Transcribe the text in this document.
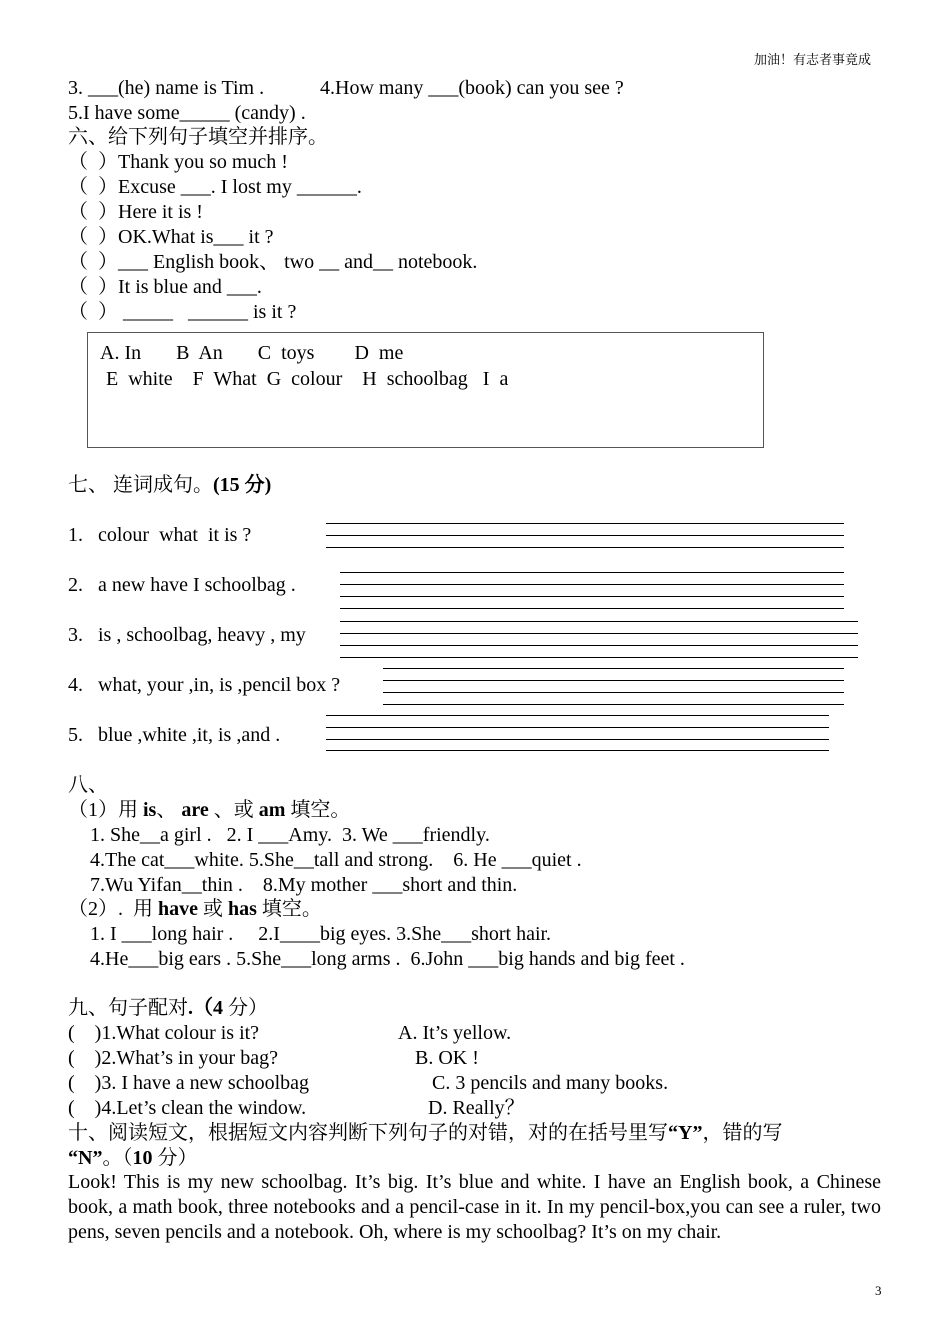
加油！有志者事竟成
3. ___(he) name is Tim .	4.How many ___(book) can you see ?
5.I have some_____ (candy) .
六、给下列句子填空并排序。
（  ）Thank you so much !
（  ）Excuse ___. I lost my ______.
（  ）Here it is !
（  ）OK.What is___ it ?
（  ）___ English book、 two __ and__ notebook.
（  ）It is blue and ___.
（  ） _____   ______ is it ?
A. In       B  An       C  toys        D  me
E  white    F  What  G  colour    H  schoolbag   I  a
七、 连词成句。(15 分)
1.   colour  what  it is ?
2.   a new have I schoolbag .
3.   is , schoolbag, heavy , my
4.   what, your ,in, is ,pencil box ?
5.   blue ,white ,it, is ,and .
八、
（1）用 is、 are 、或 am 填空。
1. She__a girl .   2. I ___Amy.  3. We ___friendly.
4.The cat___white. 5.She__tall and strong.    6. He ___quiet .
7.Wu Yifan__thin .    8.My mother ___short and thin.
（2）.  用 have 或 has 填空。
1. I ___long hair .     2.I____big eyes. 3.She___short hair.
4.He___big ears . 5.She___long arms .  6.John ___big hands and big feet .
九、句子配对.（4 分）
(    )1.What colour is it?
(    )2.What’s in your bag?
(    )3. I have a new schoolbag
(    )4.Let’s clean the window.
A. It’s yellow.
B. OK !
C. 3 pencils and many books.
D. Really？
十、阅读短文，根据短文内容判断下列句子的对错，对的在括号里写“Y”，错的写
“N”。（10 分）
Look! This is my new schoolbag. It’s big. It’s blue and white. I have an English book, a Chinese book, a math book, three notebooks and a pencil-case in it. In my pencil-box,you can see a ruler, two pens, seven pencils and a notebook. Oh, where is my schoolbag? It’s on my chair.
3
